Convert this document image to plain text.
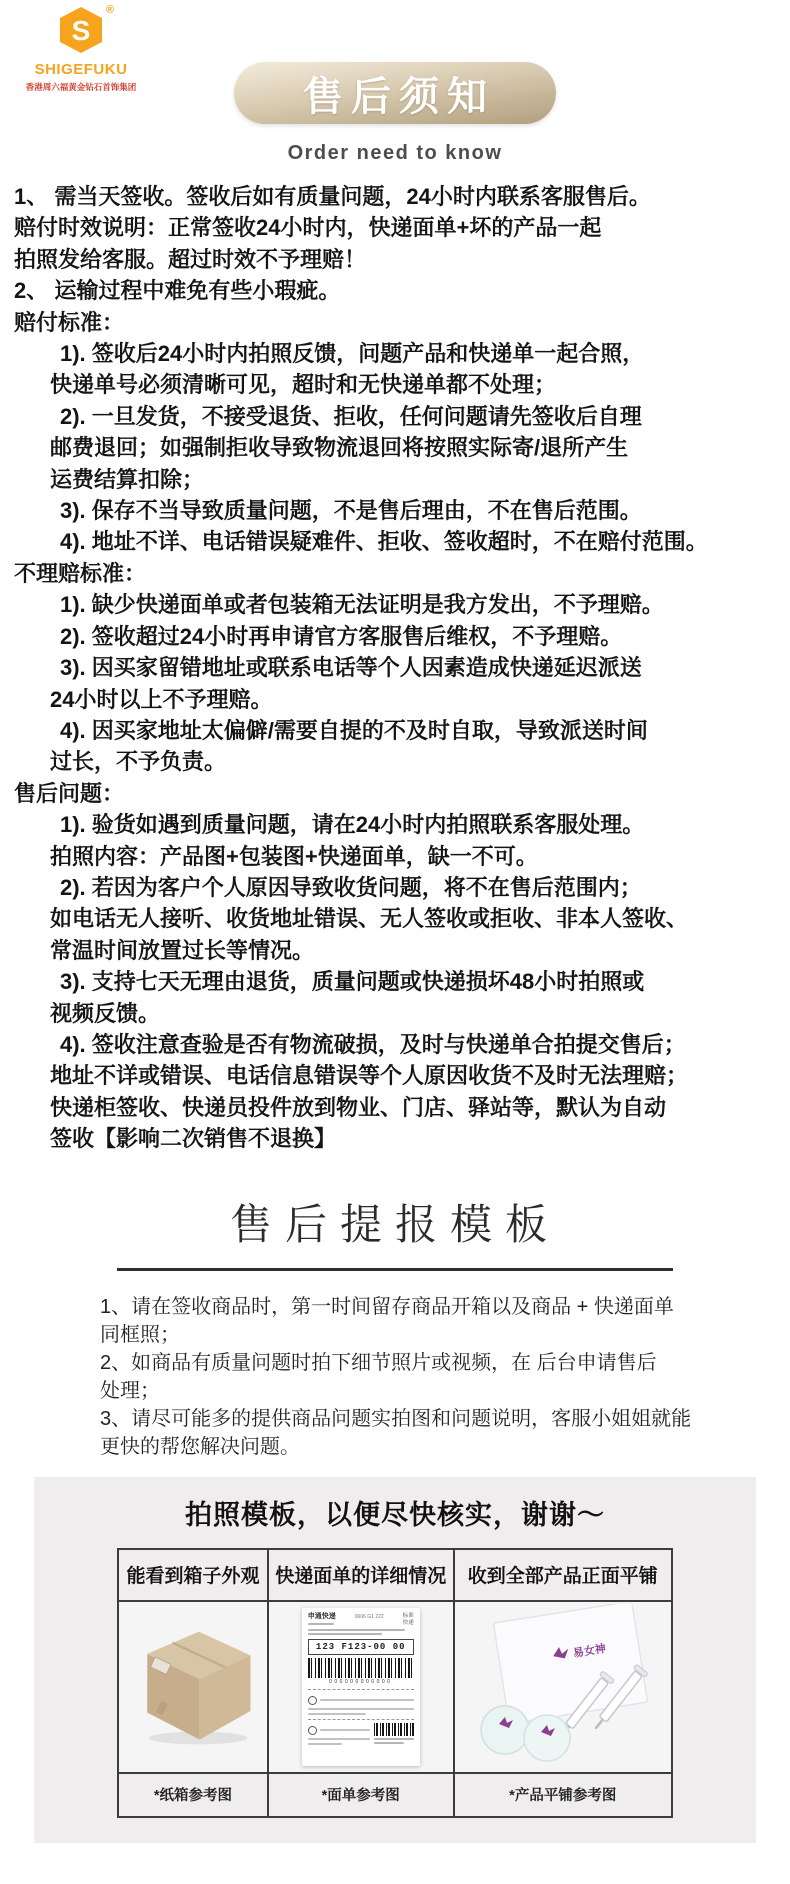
S
®
SHIGEFUKU
香港周六福黄金钻石首饰集团	售后须知
Order need to know
1、 需当天签收。签收后如有质量问题，24小时内联系客服售后。
赔付时效说明：正常签收24小时内，快递面单+坏的产品一起
拍照发给客服。超过时效不予理赔！
2、 运输过程中难免有些小瑕疵。
赔付标准：
1). 签收后24小时内拍照反馈，问题产品和快递单一起合照，
快递单号必须清晰可见，超时和无快递单都不处理；
2). 一旦发货，不接受退货、拒收，任何问题请先签收后自理
邮费退回；如强制拒收导致物流退回将按照实际寄/退所产生
运费结算扣除；
3). 保存不当导致质量问题，不是售后理由，不在售后范围。
4). 地址不详、电话错误疑难件、拒收、签收超时，不在赔付范围。
不理赔标准：
1). 缺少快递面单或者包装箱无法证明是我方发出，不予理赔。
2). 签收超过24小时再申请官方客服售后维权，不予理赔。
3). 因买家留错地址或联系电话等个人因素造成快递延迟派送
24小时以上不予理赔。
4). 因买家地址太偏僻/需要自提的不及时自取，导致派送时间
过长，不予负责。
售后问题：
1). 验货如遇到质量问题，请在24小时内拍照联系客服处理。
拍照内容：产品图+包装图+快递面单，缺一不可。
2). 若因为客户个人原因导致收货问题，将不在售后范围内；
如电话无人接听、收货地址错误、无人签收或拒收、非本人签收、
常温时间放置过长等情况。
3). 支持七天无理由退货，质量问题或快递损坏48小时拍照或
视频反馈。
4). 签收注意查验是否有物流破损，及时与快递单合拍提交售后；
地址不详或错误、电话信息错误等个人原因收货不及时无法理赔；
快递柜签收、快递员投件放到物业、门店、驿站等，默认为自动
签收【影响二次销售不退换】
售后提报模板
1、请在签收商品时，第一时间留存商品开箱以及商品 + 快递面单
同框照；
2、如商品有质量问题时拍下细节照片或视频，在 后台申请售后
处理；
3、请尽可能多的提供商品问题实拍图和问题说明，客服小姐姐就能
更快的帮您解决问题。
拍照模板，以便尽快核实，谢谢～
能看到箱子外观	快递面单的详细情况	收到全部产品正面平铺

申通快递	0606 G1 222	标准
快递
123 F123-00 00
000000000000

易女神

*纸箱参考图	*面单参考图	*产品平铺参考图
